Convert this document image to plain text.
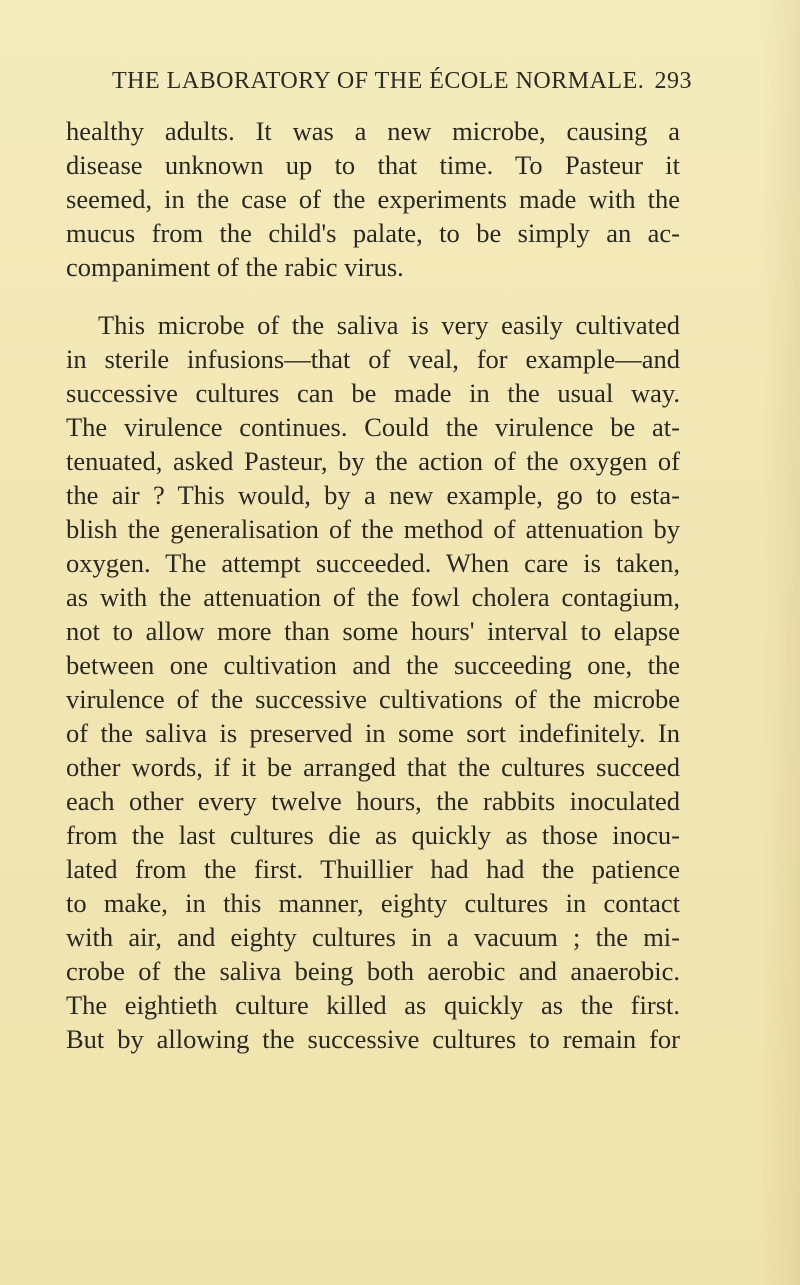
THE LABORATORY OF THE ÉCOLE NORMALE. 293
healthy adults. It was a new microbe, causing a
disease unknown up to that time. To Pasteur it
seemed, in the case of the experiments made with the
mucus from the child's palate, to be simply an ac-
companiment of the rabic virus.
This microbe of the saliva is very easily cultivated
in sterile infusions—that of veal, for example—and
successive cultures can be made in the usual way.
The virulence continues. Could the virulence be at-
tenuated, asked Pasteur, by the action of the oxygen of
the air ? This would, by a new example, go to esta-
blish the generalisation of the method of attenuation by
oxygen. The attempt succeeded. When care is taken,
as with the attenuation of the fowl cholera contagium,
not to allow more than some hours' interval to elapse
between one cultivation and the succeeding one, the
virulence of the successive cultivations of the microbe
of the saliva is preserved in some sort indefinitely. In
other words, if it be arranged that the cultures succeed
each other every twelve hours, the rabbits inoculated
from the last cultures die as quickly as those inocu-
lated from the first. Thuillier had had the patience
to make, in this manner, eighty cultures in contact
with air, and eighty cultures in a vacuum ; the mi-
crobe of the saliva being both aerobic and anaerobic.
The eightieth culture killed as quickly as the first.
But by allowing the successive cultures to remain for
